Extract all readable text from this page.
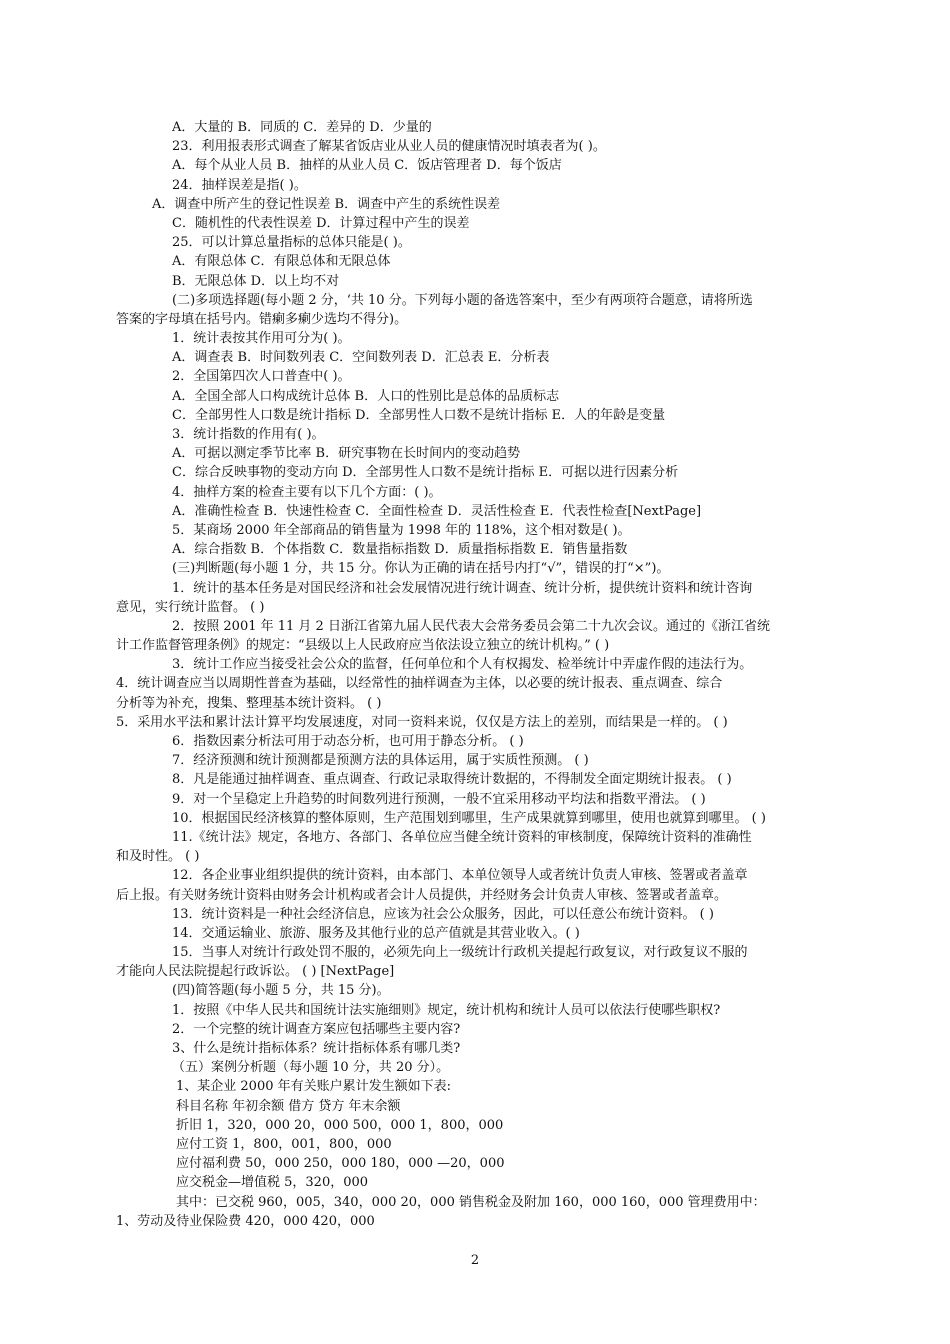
A．大量的 B．同质的 C．差异的 D．少量的
23．利用报表形式调查了解某省饭店业从业人员的健康情况时填表者为( )。
A．每个从业人员 B．抽样的从业人员 C．饭店管理者 D．每个饭店
24．抽样误差是指( )。
A．调查中所产生的登记性误差 B．调查中产生的系统性误差
C．随机性的代表性误差 D．计算过程中产生的误差
25．可以计算总量指标的总体只能是( )。
A．有限总体 C．有限总体和无限总体
B．无限总体 D．以上均不对
(二)多项选择题(每小题 2 分，‘共 10 分。下列每小题的备选答案中，至少有两项符合题意，请将所选
答案的字母填在括号内。错瘌多瘌少选均不得分)。
1．统计表按其作用可分为( )。
A．调查表 B．时间数列表 C．空间数列表 D．汇总表 E．分析表
2．全国第四次人口普查中( )。
A．全国全部人口构成统计总体 B．人口的性别比是总体的品质标志
C．全部男性人口数是统计指标 D．全部男性人口数不是统计指标 E．人的年龄是变量
3．统计指数的作用有( )。
A．可据以测定季节比率 B．研究事物在长时间内的变动趋势
C．综合反映事物的变动方向 D．全部男性人口数不是统计指标 E．可据以进行因素分析
4．抽样方案的检查主要有以下几个方面：( )。
A．准确性检查 B．快速性检查 C．全面性检查 D．灵活性检查 E．代表性检查[NextPage]
5．某商场 2000 年全部商品的销售量为 1998 年的 118%，这个相对数是( )。
A．综合指数 B．个体指数 C．数量指标指数 D．质量指标指数 E．销售量指数
(三)判断题(每小题 1 分，共 15 分。你认为正确的请在括号内打“√”，错误的打“×”)。
1．统计的基本任务是对国民经济和社会发展情况进行统计调查、统计分析，提供统计资料和统计咨询
意见，实行统计监督。 ( )
2．按照 2001 年 11 月 2 日浙江省第九届人民代表大会常务委员会第二十九次会议。通过的《浙江省统
计工作监督管理条例》的规定：“县级以上人民政府应当依法设立独立的统计机构。” ( )
3．统计工作应当接受社会公众的监督，任何单位和个人有权揭发、检举统计中弄虚作假的违法行为。
4．统计调查应当以周期性普查为基础，以经常性的抽样调查为主体，以必要的统计报表、重点调查、综合
分析等为补充，搜集、整理基本统计资料。 ( )
5．采用水平法和累计法计算平均发展速度，对同一资料来说，仅仅是方法上的差别，而结果是一样的。 ( )
6．指数因素分析法可用于动态分析，也可用于静态分析。 ( )
7．经济预测和统计预测都是预测方法的具体运用，属于实质性预测。 ( )
8．凡是能通过抽样调查、重点调查、行政记录取得统计数据的，不得制发全面定期统计报表。 ( )
9．对一个呈稳定上升趋势的时间数列进行预测，一般不宜采用移动平均法和指数平滑法。 ( )
10．根据国民经济核算的整体原则，生产范围划到哪里，生产成果就算到哪里，使用也就算到哪里。 ( )
11.《统计法》规定，各地方、各部门、各单位应当健全统计资料的审核制度，保障统计资料的准确性
和及时性。 ( )
12．各企业事业组织提供的统计资料，由本部门、本单位领导人或者统计负责人审核、签署或者盖章
后上报。有关财务统计资料由财务会计机构或者会计人员提供，并经财务会计负责人审核、签署或者盖章。
13．统计资料是一种社会经济信息，应该为社会公众服务，因此，可以任意公布统计资料。 ( )
14．交通运输业、旅游、服务及其他行业的总产值就是其营业收入。( )
15．当事人对统计行政处罚不服的，必须先向上一级统计行政机关提起行政复议，对行政复议不服的
才能向人民法院提起行政诉讼。 ( ) [NextPage]
(四)简答题(每小题 5 分，共 15 分)。
1．按照《中华人民共和国统计法实施细则》规定，统计机构和统计人员可以依法行使哪些职权?
2．一个完整的统计调查方案应包括哪些主要内容?
3、什么是统计指标体系？统计指标体系有哪几类?
（五）案例分析题（每小题 10 分，共 20 分）。
1、某企业 2000 年有关账户累计发生额如下表:
科目名称 年初余额 借方 贷方 年末余额
折旧 1，320，000 20，000 500，000 1，800，000
应付工资 1，800，001，800，000
应付福利费 50，000 250，000 180，000 —20，000
应交税金—增值税 5，320，000
其中：已交税 960，005，340，000 20，000 销售税金及附加 160，000 160，000 管理费用中：
1、劳动及待业保险费 420，000 420，000
2
